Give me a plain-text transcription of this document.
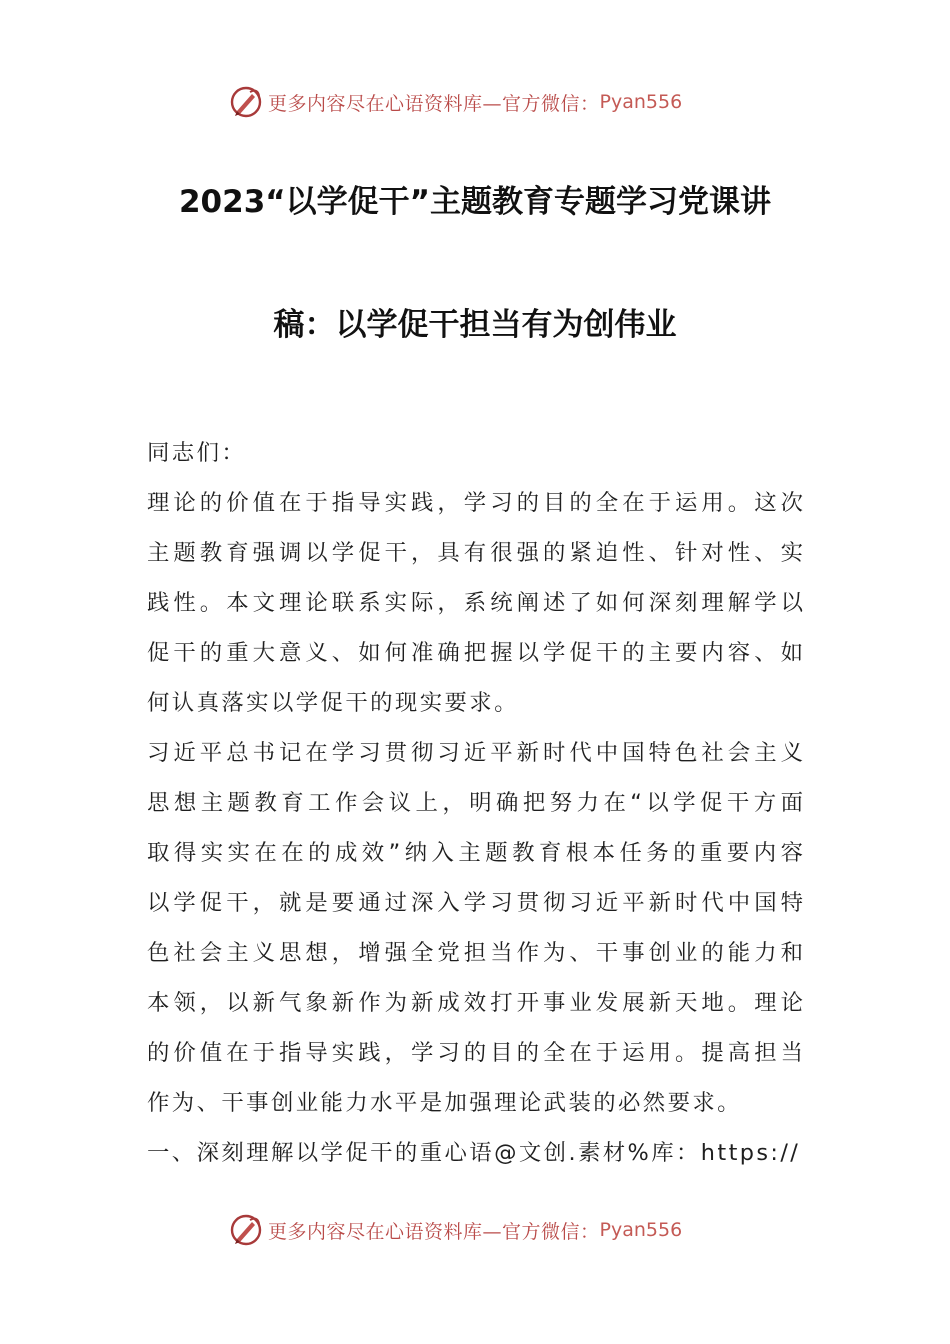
更多内容尽在心语资料库—官方微信： Pyan556
2023“以学促干”主题教育专题学习党课讲
稿：以学促干担当有为创伟业
同志们：
理论的价值在于指导实践，学习的目的全在于运用。这次
主题教育强调以学促干，具有很强的紧迫性、针对性、实
践性。本文理论联系实际，系统阐述了如何深刻理解学以
促干的重大意义、如何准确把握以学促干的主要内容、如
何认真落实以学促干的现实要求。
习近平总书记在学习贯彻习近平新时代中国特色社会主义
思想主题教育工作会议上，明确把努力在“以学促干方面
取得实实在在的成效”纳入主题教育根本任务的重要内容
以学促干，就是要通过深入学习贯彻习近平新时代中国特
色社会主义思想，增强全党担当作为、干事创业的能力和
本领，以新气象新作为新成效打开事业发展新天地。理论
的价值在于指导实践，学习的目的全在于运用。提高担当
作为、干事创业能力水平是加强理论武装的必然要求。
一、深刻理解以学促干的重心语@文创.素材%库：https://
更多内容尽在心语资料库—官方微信： Pyan556
